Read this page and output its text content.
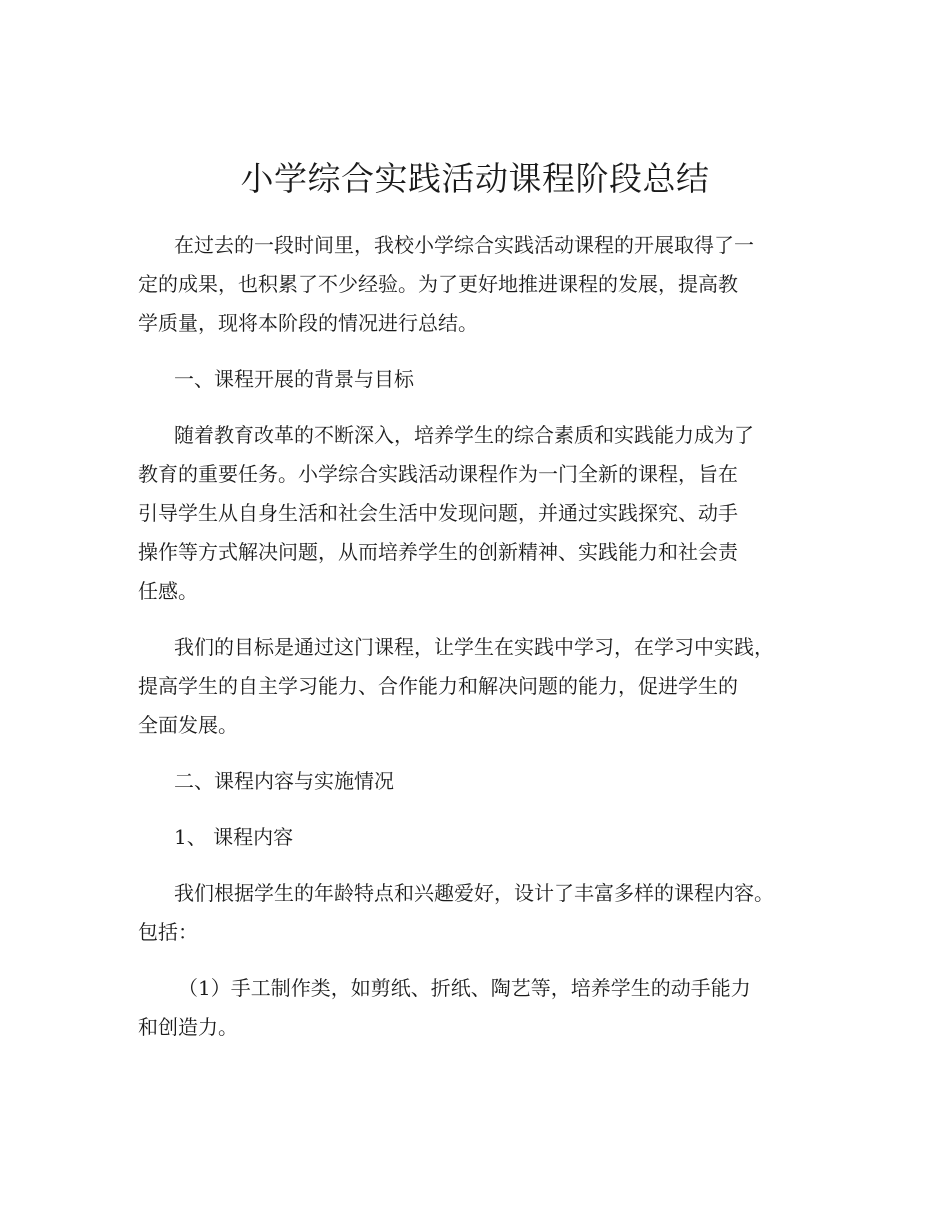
小学综合实践活动课程阶段总结

在过去的一段时间里，我校小学综合实践活动课程的开展取得了一
定的成果，也积累了不少经验。为了更好地推进课程的发展，提高教
学质量，现将本阶段的情况进行总结。

一、课程开展的背景与目标

随着教育改革的不断深入，培养学生的综合素质和实践能力成为了
教育的重要任务。小学综合实践活动课程作为一门全新的课程，旨在
引导学生从自身生活和社会生活中发现问题，并通过实践探究、动手
操作等方式解决问题，从而培养学生的创新精神、实践能力和社会责
任感。

我们的目标是通过这门课程，让学生在实践中学习，在学习中实践，
提高学生的自主学习能力、合作能力和解决问题的能力，促进学生的
全面发展。

二、课程内容与实施情况

1、 课程内容

我们根据学生的年龄特点和兴趣爱好，设计了丰富多样的课程内容。
包括：

（1）手工制作类，如剪纸、折纸、陶艺等，培养学生的动手能力
和创造力。
